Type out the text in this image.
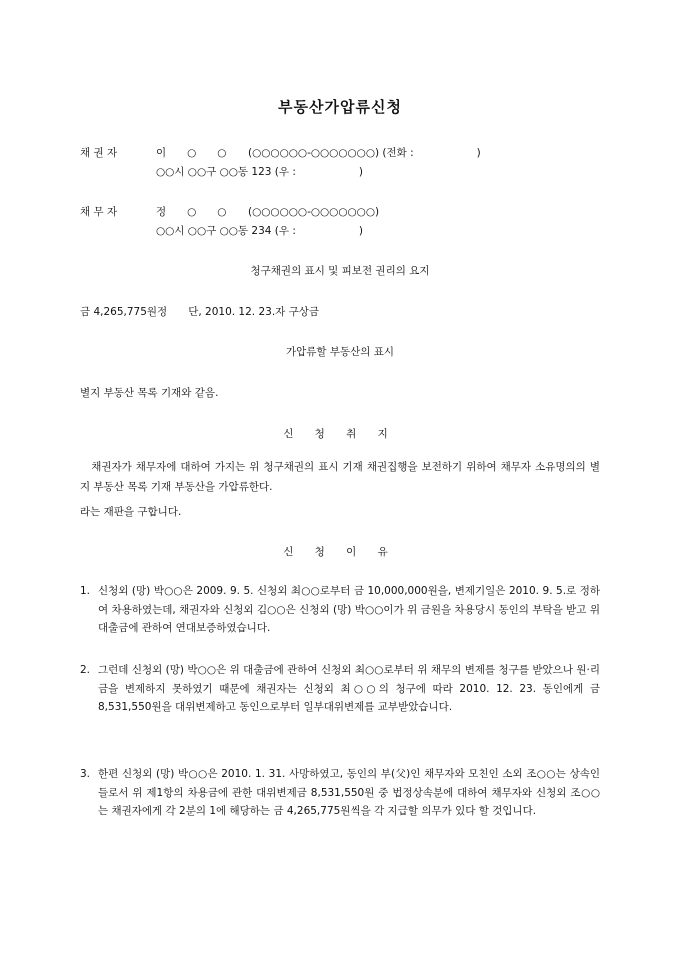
부동산가압류신청
채 권 자	이　　○　　○ (○○○○○○-○○○○○○○) (전화 :　　　　　　)
○○시 ○○구 ○○동 123 (우 :　　　　　　)
채 무 자	정　　○　　○ (○○○○○○-○○○○○○○)
○○시 ○○구 ○○동 234 (우 :　　　　　　)
청구채권의 표시 및 피보전 권리의 요지
금 4,265,775원정　　단, 2010. 12. 23.자 구상금
가압류할 부동산의 표시
별지 부동산 목록 기재와 같음.
신 청 취 지
　채권자가 채무자에 대하여 가지는 위 청구채권의 표시 기재 채권집행을 보전하기 위하여 채무자 소유명의의 별지 부동산 목록 기재 부동산을 가압류한다.
라는 재판을 구합니다.
신 청 이 유
1. 신청외 (망) 박○○은 2009. 9. 5. 신청외 최○○로부터 금 10,000,000원을, 변제기일은 2010. 9. 5.로 정하여 차용하였는데, 채권자와 신청외 김○○은 신청외 (망) 박○○이가 위 금원을 차용당시 동인의 부탁을 받고 위 대출금에 관하여 연대보증하였습니다.
2. 그런데 신청외 (망) 박○○은 위 대출금에 관하여 신청외 최○○로부터 위 채무의 변제를 청구를 받았으나 원·리금을 변제하지 못하였기 때문에 채권자는 신청외 최○○의 청구에 따라 2010. 12. 23. 동인에게 금 8,531,550원을 대위변제하고 동인으로부터 일부대위변제를 교부받았습니다.
3. 한편 신청외 (망) 박○○은 2010. 1. 31. 사망하였고, 동인의 부(父)인 채무자와 모친인 소외 조○○는 상속인들로서 위 제1항의 차용금에 관한 대위변제금 8,531,550원 중 법정상속분에 대하여 채무자와 신청외 조○○는 채권자에게 각 2분의 1에 해당하는 금 4,265,775원씩을 각 지급할 의무가 있다 할 것입니다.
